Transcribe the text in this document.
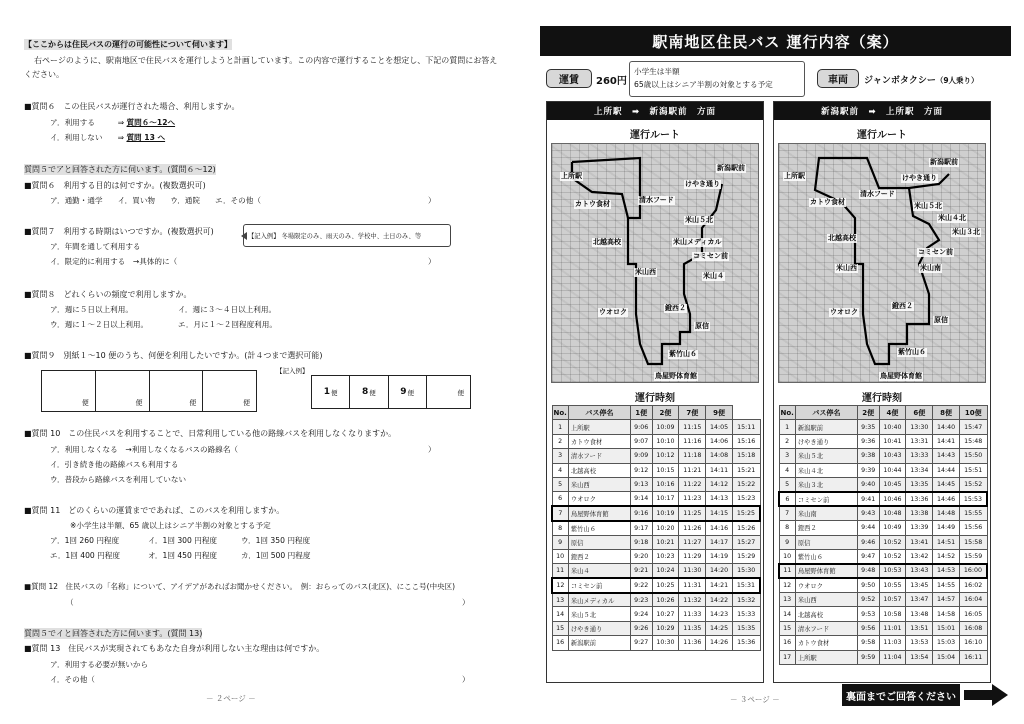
【ここからは住民バスの運行の可能性について伺います】
右ページのように、駅南地区で住民バスを運行しようと計画しています。この内容で運行することを想定し、下記の質問にお答え
ください。
■質問６　この住民バスが運行された場合、利用しますか。
ア．利用する　　　⇒ 質問６〜12へ
イ．利用しない　　⇒ 質問 13 へ
質問５でアと回答された方に伺います。(質問６〜12)
■質問６　利用する目的は何ですか。(複数選択可)
ア．通勤・通学　　イ．買い物　　ウ．通院　　エ．その他（	）
■質問７　利用する時期はいつですか。(複数選択可)
ア．年間を通して利用する
イ．限定的に利用する　→具体的に（	）
【記入例】 冬場限定のみ、雨天のみ、学校中、土日のみ、等
■質問８　どれくらいの頻度で利用しますか。
ア．週に５日以上利用。	イ．週に３〜４日以上利用。
ウ．週に１〜２日以上利用。	エ．月に１〜２回程度利用。
■質問９　別紙１〜10 便のうち、何便を利用したいですか。(計４つまで選択可能)
便	便	便	便
【記入例】
1 便	8 便	9 便	便
■質問 10　この住民バスを利用することで、日常利用している他の路線バスを利用しなくなりますか。
ア．利用しなくなる　→利用しなくなるバスの路線名（	）
イ．引き続き他の路線バスも利用する
ウ．普段から路線バスを利用していない
■質問 11　どのくらいの運賃までであれば、このバスを利用しますか。
※小学生は半額、65 歳以上はシニア半割の対象とする予定
ア．1回 260 円程度	イ．1回 300 円程度	ウ．1回 350 円程度
エ．1回 400 円程度	オ．1回 450 円程度	カ．1回 500 円程度
■質問 12　住民バスの「名称」について、アイデアがあればお聞かせください。　例：おらってのバス(北区)、にここ号(中央区)
（	）
質問５でイと回答された方に伺います。(質問 13)
■質問 13　住民バスが実現されてもあなた自身が利用しない主な理由は何ですか。
ア．利用する必要が無いから
イ．その他（	）
－ ２ページ －
駅南地区住民バス 運行内容（案）
運賃	260円
小学生は半額
65歳以上はシニア半割の対象とする予定	車両	ジャンボタクシー（9人乗り）
上所駅　➡　新潟駅前　方面
運行ルート
上所駅
カトウ食材	清水フード
けやき通り
新潟駅前
米山５北
北越高校	米山メディカル
コミセン前
米山西	米山４
ウオロク	鐙西２
原信
紫竹山６
鳥屋野体育館
運行時刻
No.	バス停名	1便	2便	7便	9便	
1	上所駅	9:06	10:09	11:15	14:05	15:11
2	カトウ食材	9:07	10:10	11:16	14:06	15:16
3	清水フード	9:09	10:12	11:18	14:08	15:18
4	北越高校	9:12	10:15	11:21	14:11	15:21
5	米山西	9:13	10:16	11:22	14:12	15:22
6	ウオロク	9:14	10:17	11:23	14:13	15:23
7	鳥屋野体育館	9:16	10:19	11:25	14:15	15:25
8	紫竹山６	9:17	10:20	11:26	14:16	15:26
9	原信	9:18	10:21	11:27	14:17	15:27
10	鐙西２	9:20	10:23	11:29	14:19	15:29
11	米山４	9:21	10:24	11:30	14:20	15:30
12	コミセン前	9:22	10:25	11:31	14:21	15:31
13	米山メディカル	9:23	10:26	11:32	14:22	15:32
14	米山５北	9:24	10:27	11:33	14:23	15:33
15	けやき通り	9:26	10:29	11:35	14:25	15:35
16	新潟駅前	9:27	10:30	11:36	14:26	15:36
新潟駅前　➡　上所駅　方面
運行ルート
新潟駅前
けやき通り
清水フード
カトウ食材
上所駅
米山５北
米山４北
米山３北
北越高校
コミセン前
米山西	米山南
ウオロク
鐙西２
原信
紫竹山６
鳥屋野体育館
運行時刻
No.	バス停名	2便	4便	6便	8便	10便
1	新潟駅前	9:35	10:40	13:30	14:40	15:47
2	けやき通り	9:36	10:41	13:31	14:41	15:48
3	米山５北	9:38	10:43	13:33	14:43	15:50
4	米山４北	9:39	10:44	13:34	14:44	15:51
5	米山３北	9:40	10:45	13:35	14:45	15:52
6	コミセン前	9:41	10:46	13:36	14:46	15:53
7	米山南	9:43	10:48	13:38	14:48	15:55
8	鐙西２	9:44	10:49	13:39	14:49	15:56
9	原信	9:46	10:52	13:41	14:51	15:58
10	紫竹山６	9:47	10:52	13:42	14:52	15:59
11	鳥屋野体育館	9:48	10:53	13:43	14:53	16:00
12	ウオロク	9:50	10:55	13:45	14:55	16:02
13	米山西	9:52	10:57	13:47	14:57	16:04
14	北越高校	9:53	10:58	13:48	14:58	16:05
15	清水フード	9:56	11:01	13:51	15:01	16:08
16	カトウ食材	9:58	11:03	13:53	15:03	16:10
17	上所駅	9:59	11:04	13:54	15:04	16:11
－ ３ページ －	裏面までご回答ください
